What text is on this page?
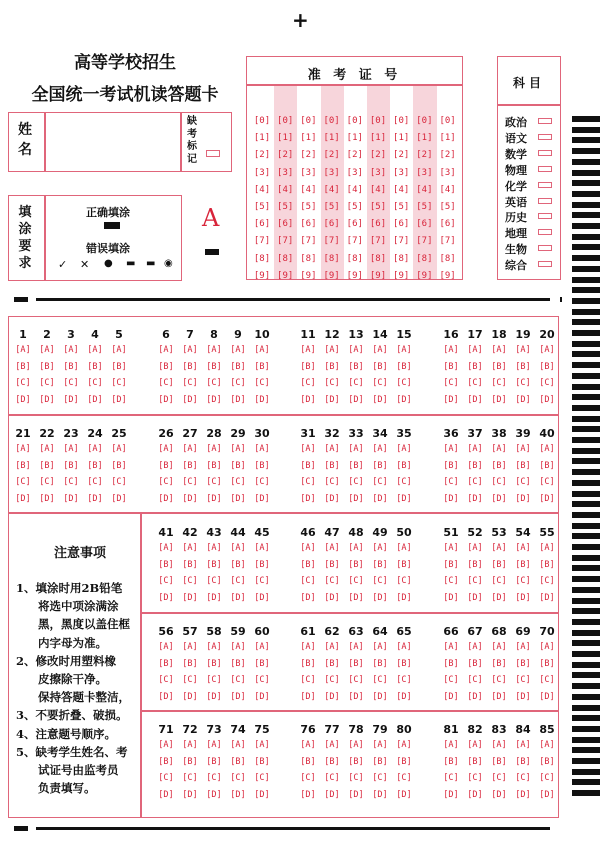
+
高等学校招生
全国统一考试机读答题卡
姓名
缺考标记
填涂要求
正确填涂
错误填涂
✓ ✕ ● ▬ ▬ ◉
A
准 考 证 号
[0]
[1]
[2]
[3]
[4]
[5]
[6]
[7]
[8]
[9]
[0]
[1]
[2]
[3]
[4]
[5]
[6]
[7]
[8]
[9]
[0]
[1]
[2]
[3]
[4]
[5]
[6]
[7]
[8]
[9]
[0]
[1]
[2]
[3]
[4]
[5]
[6]
[7]
[8]
[9]
[0]
[1]
[2]
[3]
[4]
[5]
[6]
[7]
[8]
[9]
[0]
[1]
[2]
[3]
[4]
[5]
[6]
[7]
[8]
[9]
[0]
[1]
[2]
[3]
[4]
[5]
[6]
[7]
[8]
[9]
[0]
[1]
[2]
[3]
[4]
[5]
[6]
[7]
[8]
[9]
[0]
[1]
[2]
[3]
[4]
[5]
[6]
[7]
[8]
[9]
科目
政治
语文
数学
物理
化学
英语
历史
地理
生物
综合
注意事项
1、填涂时用2B铅笔
将选中项涂满涂
黑，黑度以盖住框
内字母为准。
2、修改时用塑料橡
皮擦除干净。
保持答题卡整洁，
3、不要折叠、破损。
4、注意题号顺序。
5、缺考学生姓名、考
试证号由监考员
负责填写。
1
[A]
[B]
[C]
[D]
2
[A]
[B]
[C]
[D]
3
[A]
[B]
[C]
[D]
4
[A]
[B]
[C]
[D]
5
[A]
[B]
[C]
[D]
6
[A]
[B]
[C]
[D]
7
[A]
[B]
[C]
[D]
8
[A]
[B]
[C]
[D]
9
[A]
[B]
[C]
[D]
10
[A]
[B]
[C]
[D]
11
[A]
[B]
[C]
[D]
12
[A]
[B]
[C]
[D]
13
[A]
[B]
[C]
[D]
14
[A]
[B]
[C]
[D]
15
[A]
[B]
[C]
[D]
16
[A]
[B]
[C]
[D]
17
[A]
[B]
[C]
[D]
18
[A]
[B]
[C]
[D]
19
[A]
[B]
[C]
[D]
20
[A]
[B]
[C]
[D]
21
[A]
[B]
[C]
[D]
22
[A]
[B]
[C]
[D]
23
[A]
[B]
[C]
[D]
24
[A]
[B]
[C]
[D]
25
[A]
[B]
[C]
[D]
26
[A]
[B]
[C]
[D]
27
[A]
[B]
[C]
[D]
28
[A]
[B]
[C]
[D]
29
[A]
[B]
[C]
[D]
30
[A]
[B]
[C]
[D]
31
[A]
[B]
[C]
[D]
32
[A]
[B]
[C]
[D]
33
[A]
[B]
[C]
[D]
34
[A]
[B]
[C]
[D]
35
[A]
[B]
[C]
[D]
36
[A]
[B]
[C]
[D]
37
[A]
[B]
[C]
[D]
38
[A]
[B]
[C]
[D]
39
[A]
[B]
[C]
[D]
40
[A]
[B]
[C]
[D]
41
[A]
[B]
[C]
[D]
42
[A]
[B]
[C]
[D]
43
[A]
[B]
[C]
[D]
44
[A]
[B]
[C]
[D]
45
[A]
[B]
[C]
[D]
46
[A]
[B]
[C]
[D]
47
[A]
[B]
[C]
[D]
48
[A]
[B]
[C]
[D]
49
[A]
[B]
[C]
[D]
50
[A]
[B]
[C]
[D]
51
[A]
[B]
[C]
[D]
52
[A]
[B]
[C]
[D]
53
[A]
[B]
[C]
[D]
54
[A]
[B]
[C]
[D]
55
[A]
[B]
[C]
[D]
56
[A]
[B]
[C]
[D]
57
[A]
[B]
[C]
[D]
58
[A]
[B]
[C]
[D]
59
[A]
[B]
[C]
[D]
60
[A]
[B]
[C]
[D]
61
[A]
[B]
[C]
[D]
62
[A]
[B]
[C]
[D]
63
[A]
[B]
[C]
[D]
64
[A]
[B]
[C]
[D]
65
[A]
[B]
[C]
[D]
66
[A]
[B]
[C]
[D]
67
[A]
[B]
[C]
[D]
68
[A]
[B]
[C]
[D]
69
[A]
[B]
[C]
[D]
70
[A]
[B]
[C]
[D]
71
[A]
[B]
[C]
[D]
72
[A]
[B]
[C]
[D]
73
[A]
[B]
[C]
[D]
74
[A]
[B]
[C]
[D]
75
[A]
[B]
[C]
[D]
76
[A]
[B]
[C]
[D]
77
[A]
[B]
[C]
[D]
78
[A]
[B]
[C]
[D]
79
[A]
[B]
[C]
[D]
80
[A]
[B]
[C]
[D]
81
[A]
[B]
[C]
[D]
82
[A]
[B]
[C]
[D]
83
[A]
[B]
[C]
[D]
84
[A]
[B]
[C]
[D]
85
[A]
[B]
[C]
[D]
